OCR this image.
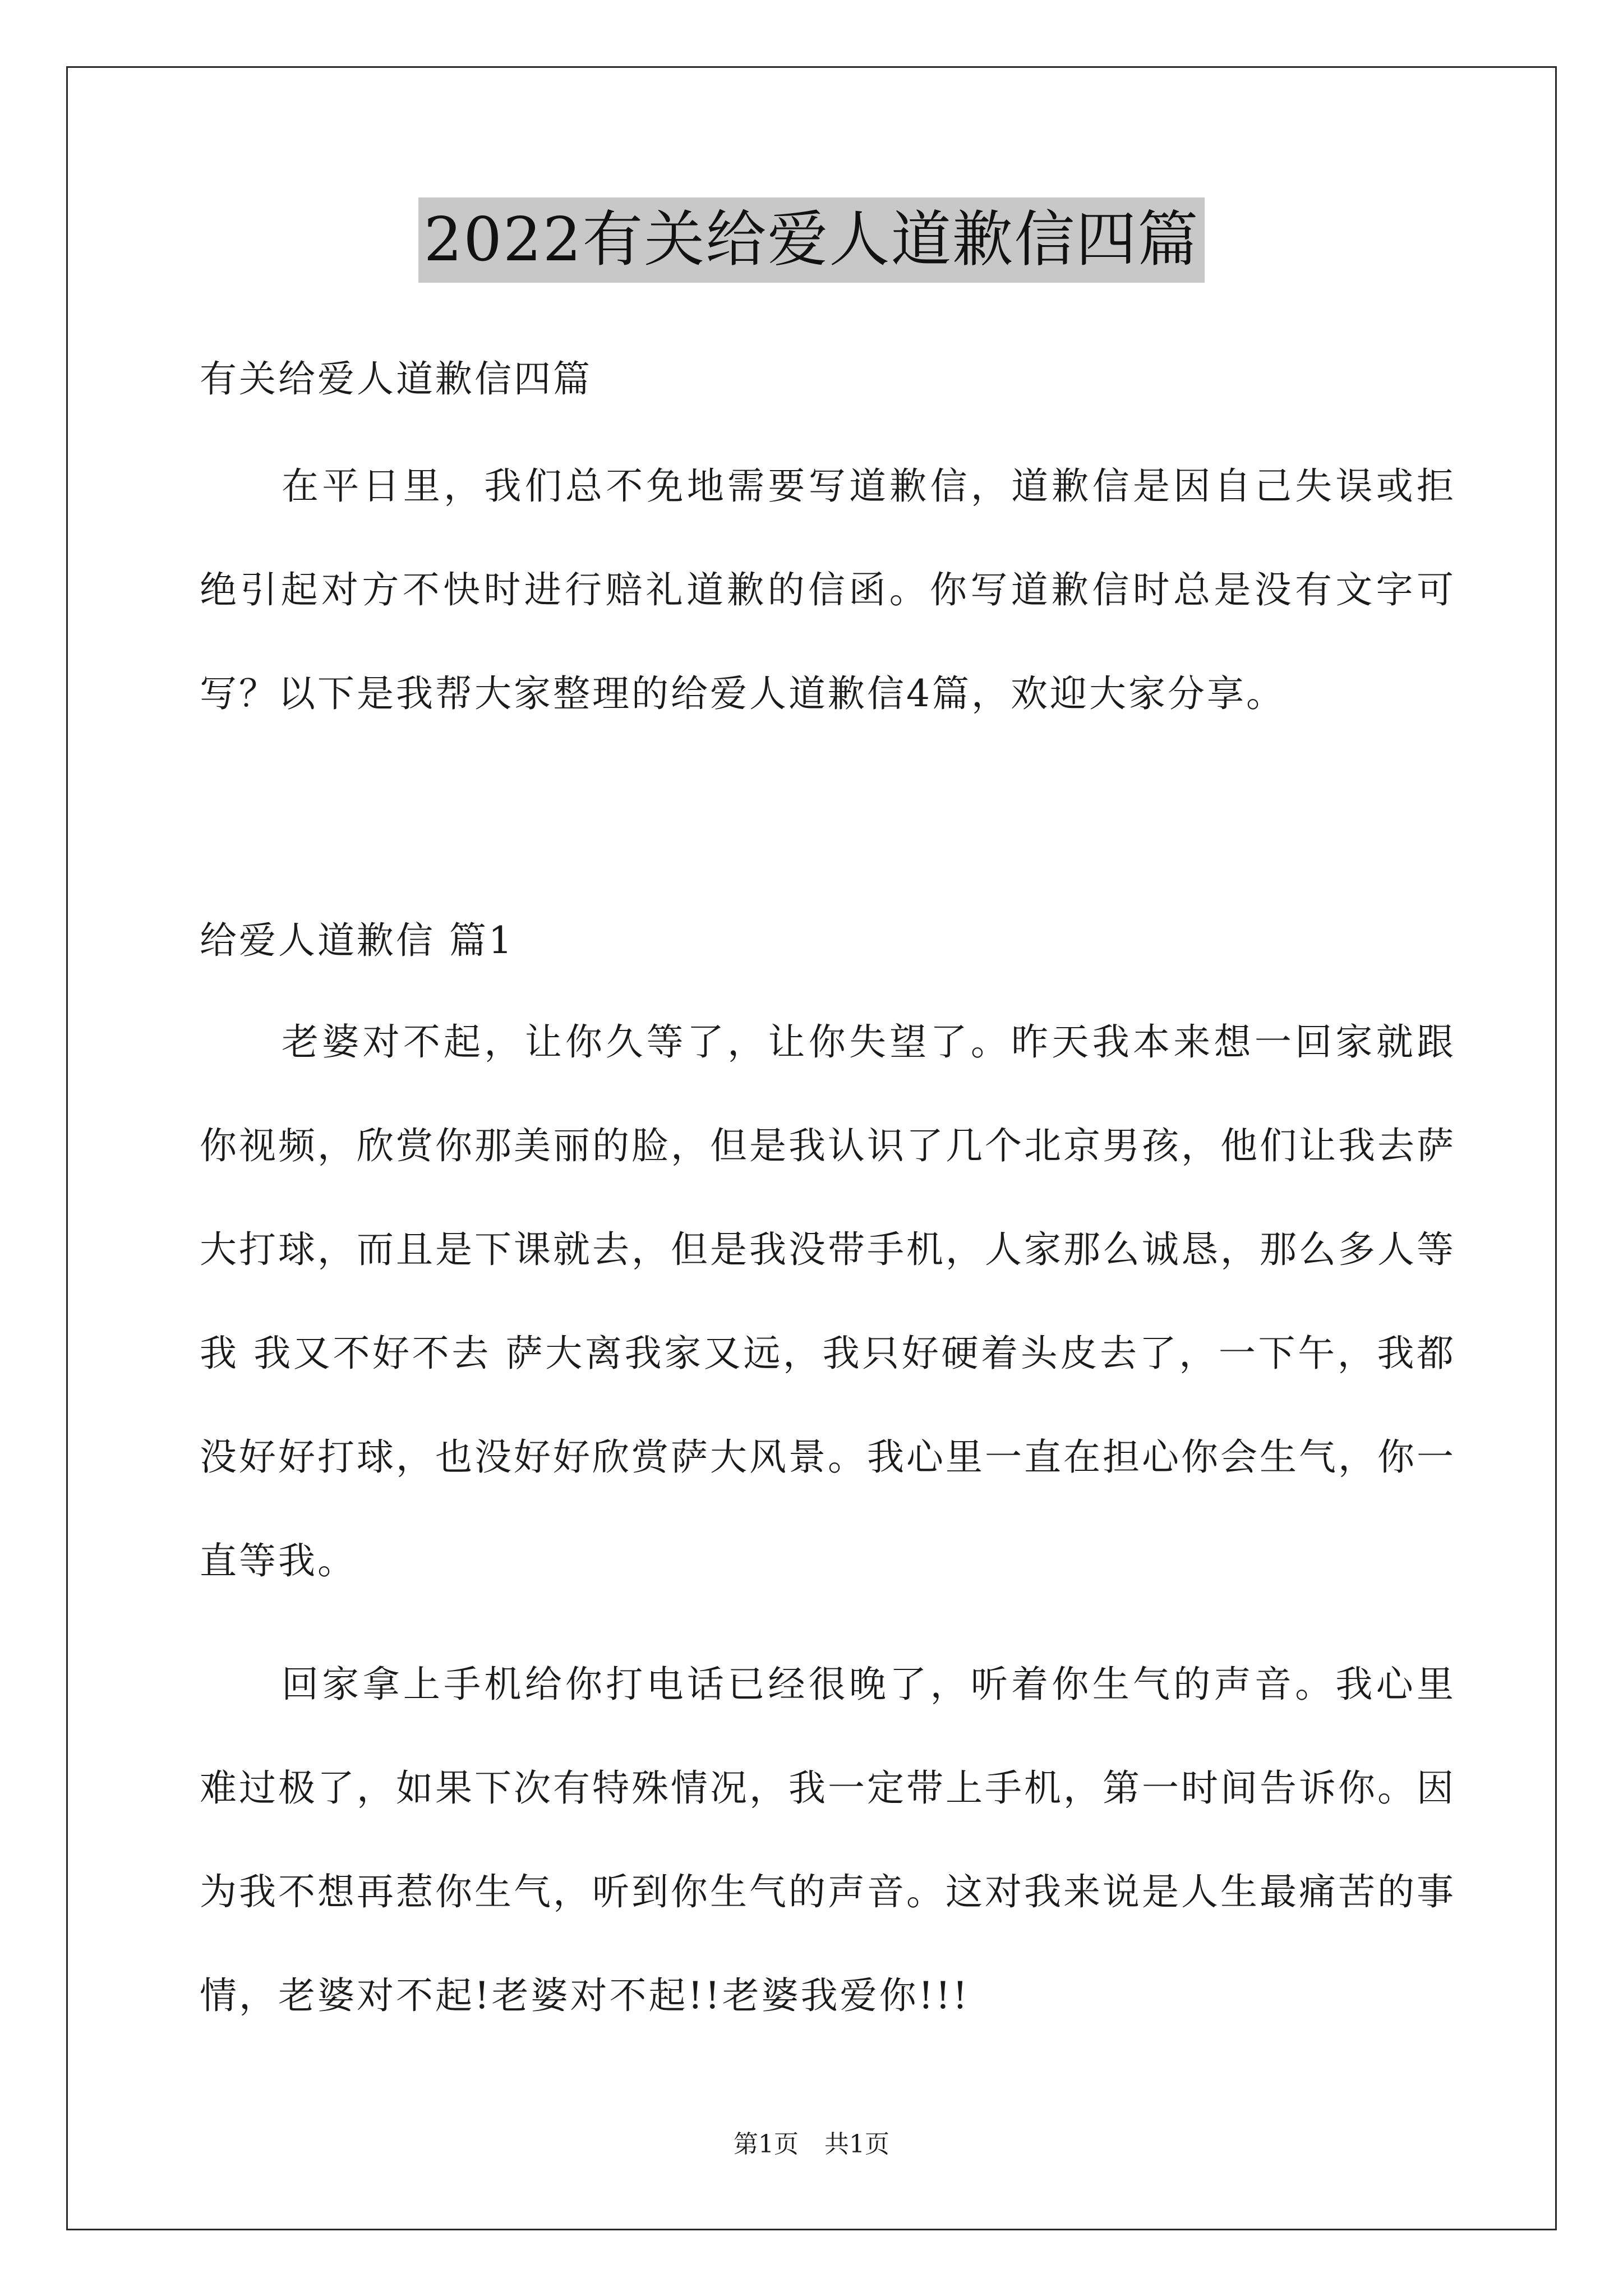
2022有关给爱人道歉信四篇

有关给爱人道歉信四篇

在平日里，我们总不免地需要写道歉信，道歉信是因自己失误或拒绝引起对方不快时进行赔礼道歉的信函。你写道歉信时总是没有文字可写？以下是我帮大家整理的给爱人道歉信4篇，欢迎大家分享。

给爱人道歉信 篇1

老婆对不起，让你久等了，让你失望了。昨天我本来想一回家就跟你视频，欣赏你那美丽的脸，但是我认识了几个北京男孩，他们让我去萨大打球，而且是下课就去，但是我没带手机，人家那么诚恳，那么多人等我 我又不好不去 萨大离我家又远，我只好硬着头皮去了，一下午，我都没好好打球，也没好好欣赏萨大风景。我心里一直在担心你会生气，你一直等我。

回家拿上手机给你打电话已经很晚了，听着你生气的声音。我心里难过极了，如果下次有特殊情况，我一定带上手机，第一时间告诉你。因为我不想再惹你生气，听到你生气的声音。这对我来说是人生最痛苦的事情，老婆对不起!老婆对不起!!老婆我爱你!!!

第1页 共1页
